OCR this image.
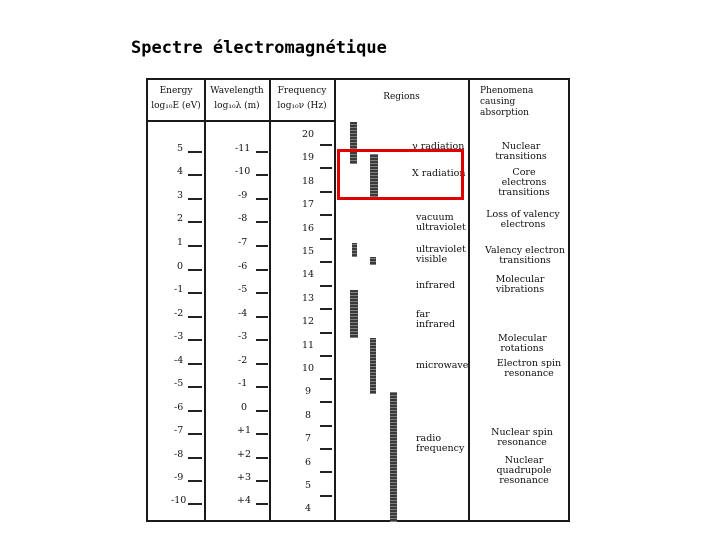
Spectre électromagnétique
Energy
log₁₀E (eV)
Wavelength
log₁₀λ (m)
Frequency
log₁₀ν (Hz)
Regions
Phenomena causing absorption
5
4
3
2
1
0
-1
-2
-3
-4
-5
-6
-7
-8
-9
-10
-11
-10
-9
-8
-7
-6
-5
-4
-3
-2
-1
0
+1
+2
+3
+4
20
19
18
17
16
15
14
13
12
11
10
9
8
7
6
5
4
γ radiation
X radiation
vacuum ultraviolet
ultraviolet visible
infrared
far infrared
microwave
radio frequency
Nuclear transitions
Core electrons transitions
Loss of valency electrons
Valency electron transitions
Molecular vibrations
Molecular rotations
Electron spin resonance
Nuclear spin resonance
Nuclear quadrupole resonance
